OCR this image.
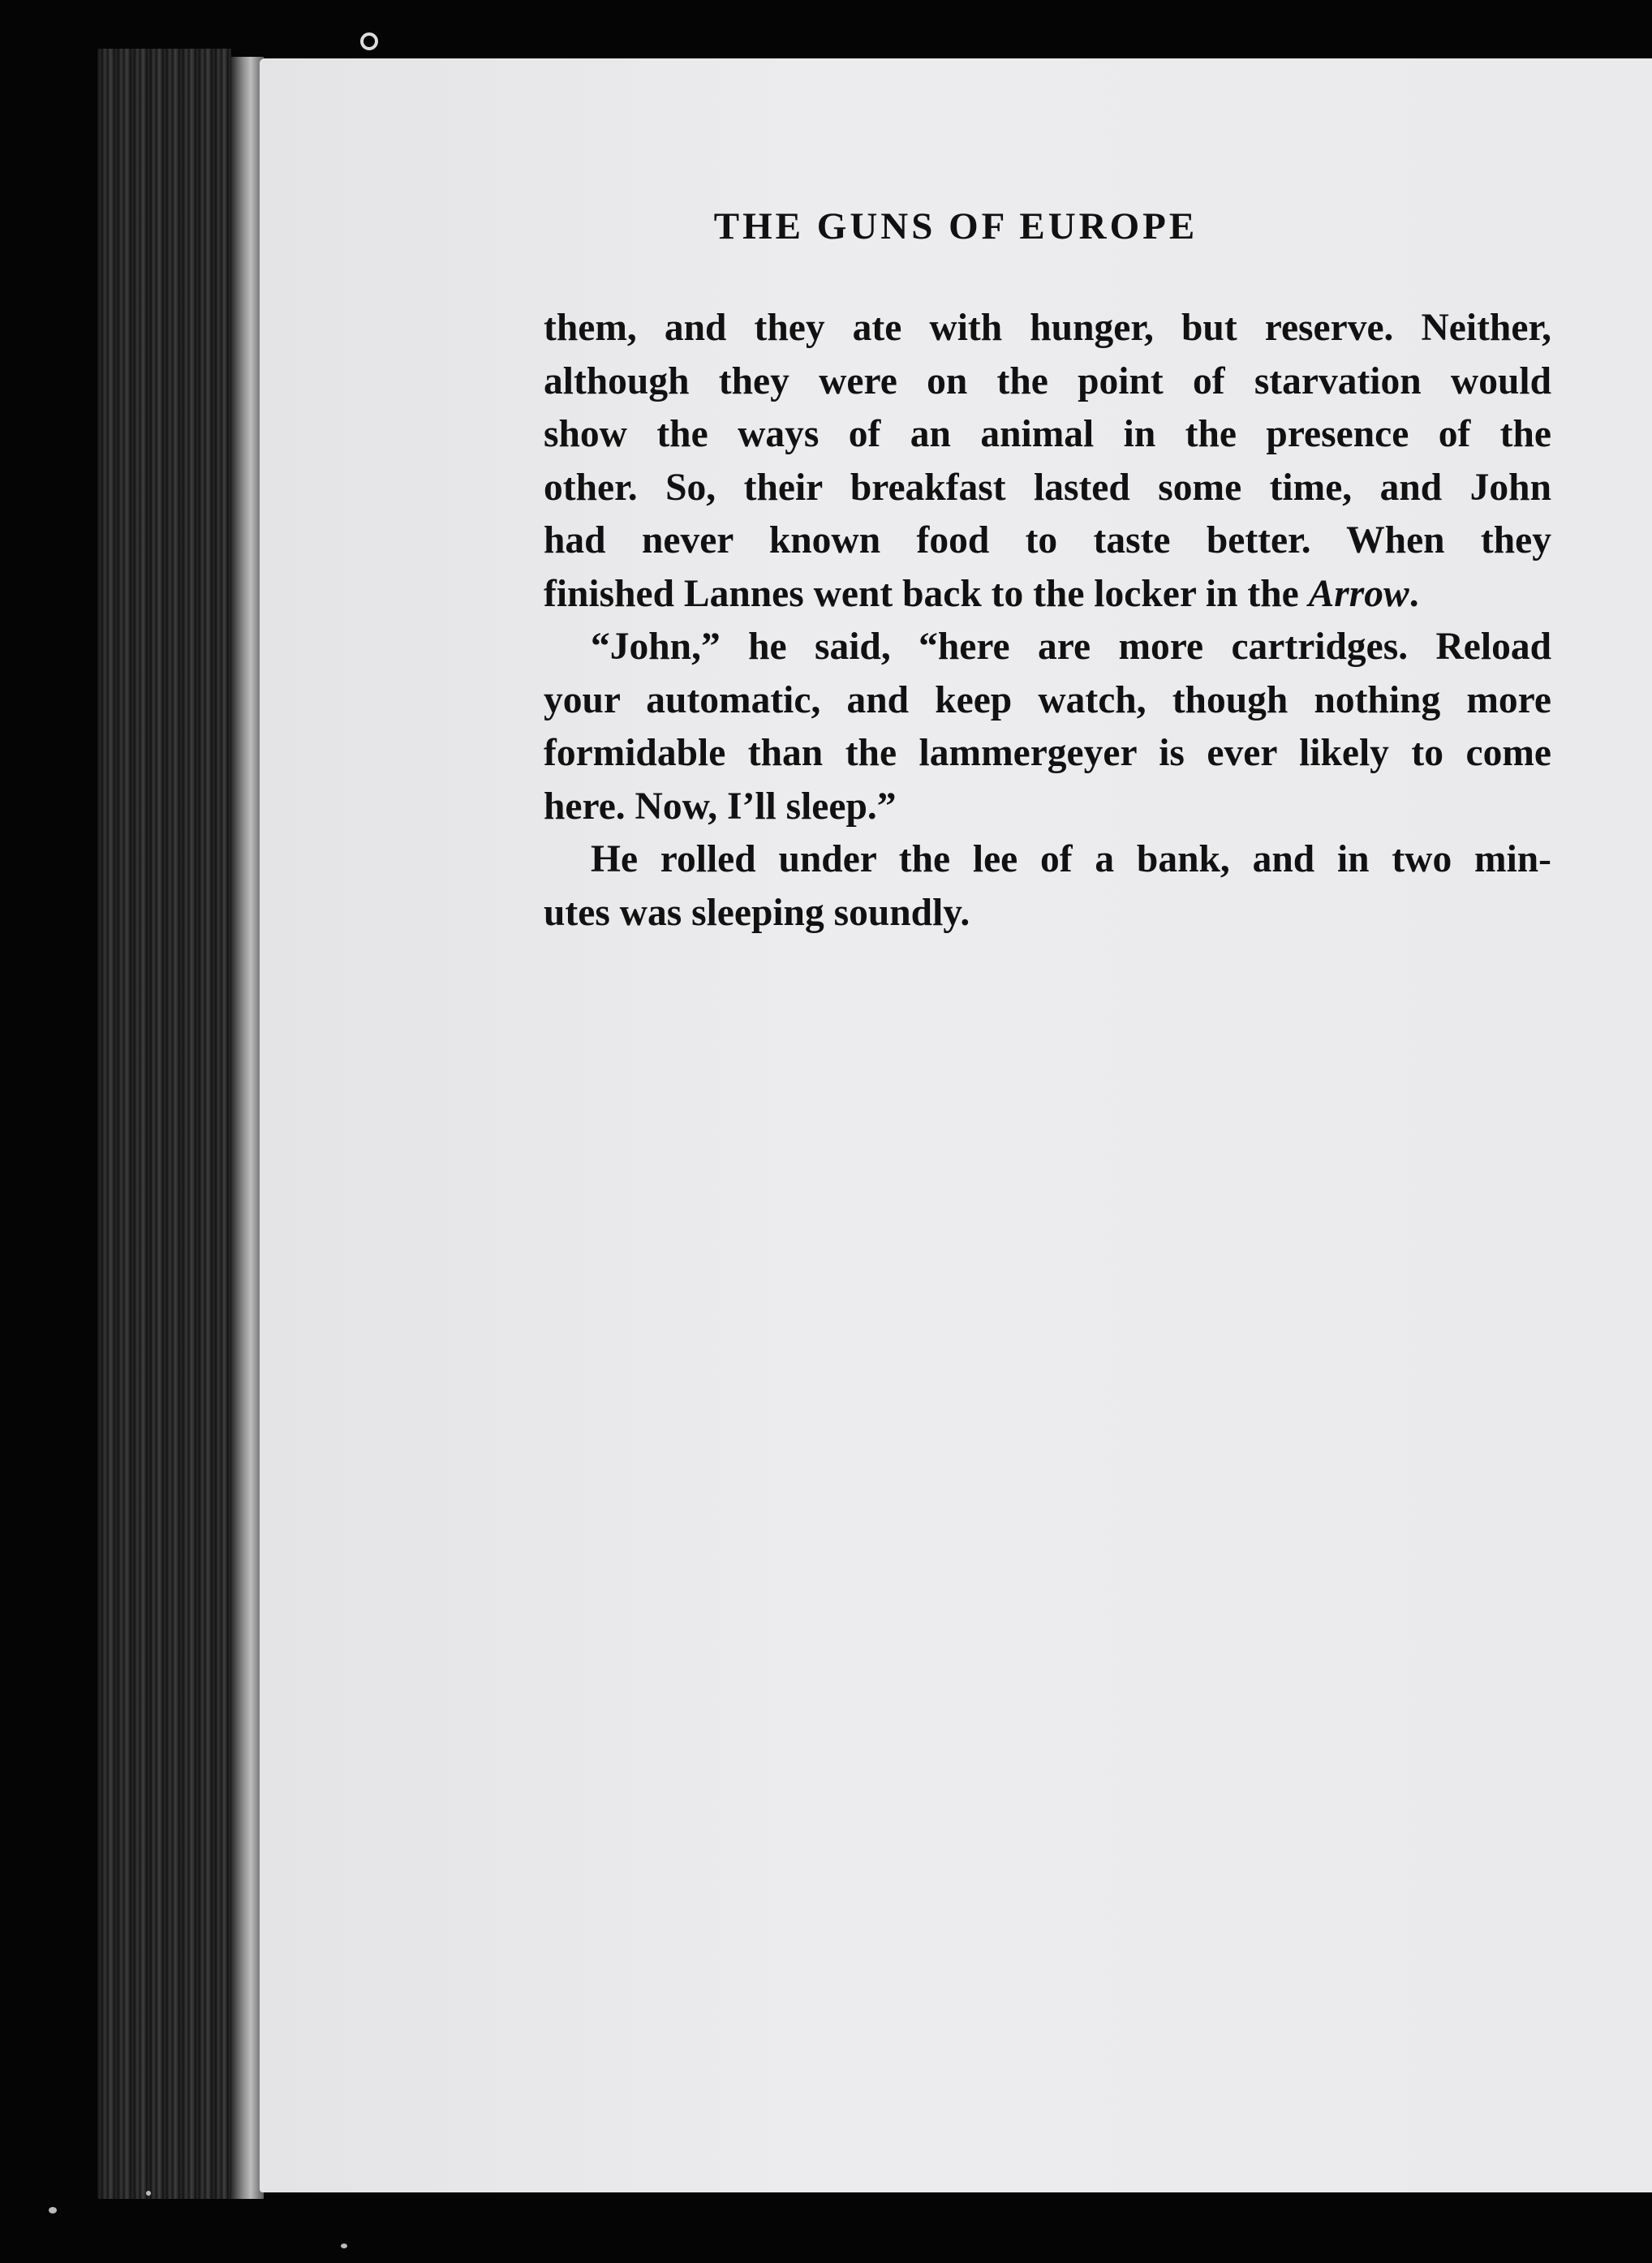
THE GUNS OF EUROPE

them, and they ate with hunger, but reserve. Neither,

although they were on the point of starvation would

show the ways of an animal in the presence of the

other. So, their breakfast lasted some time, and John

had never known food to taste better. When they

finished Lannes went back to the locker in the Arrow.

“John,” he said, “here are more cartridges. Reload

your automatic, and keep watch, though nothing more

formidable than the lammergeyer is ever likely to come

here. Now, I’ll sleep.”

He rolled under the lee of a bank, and in two min-

utes was sleeping soundly.
